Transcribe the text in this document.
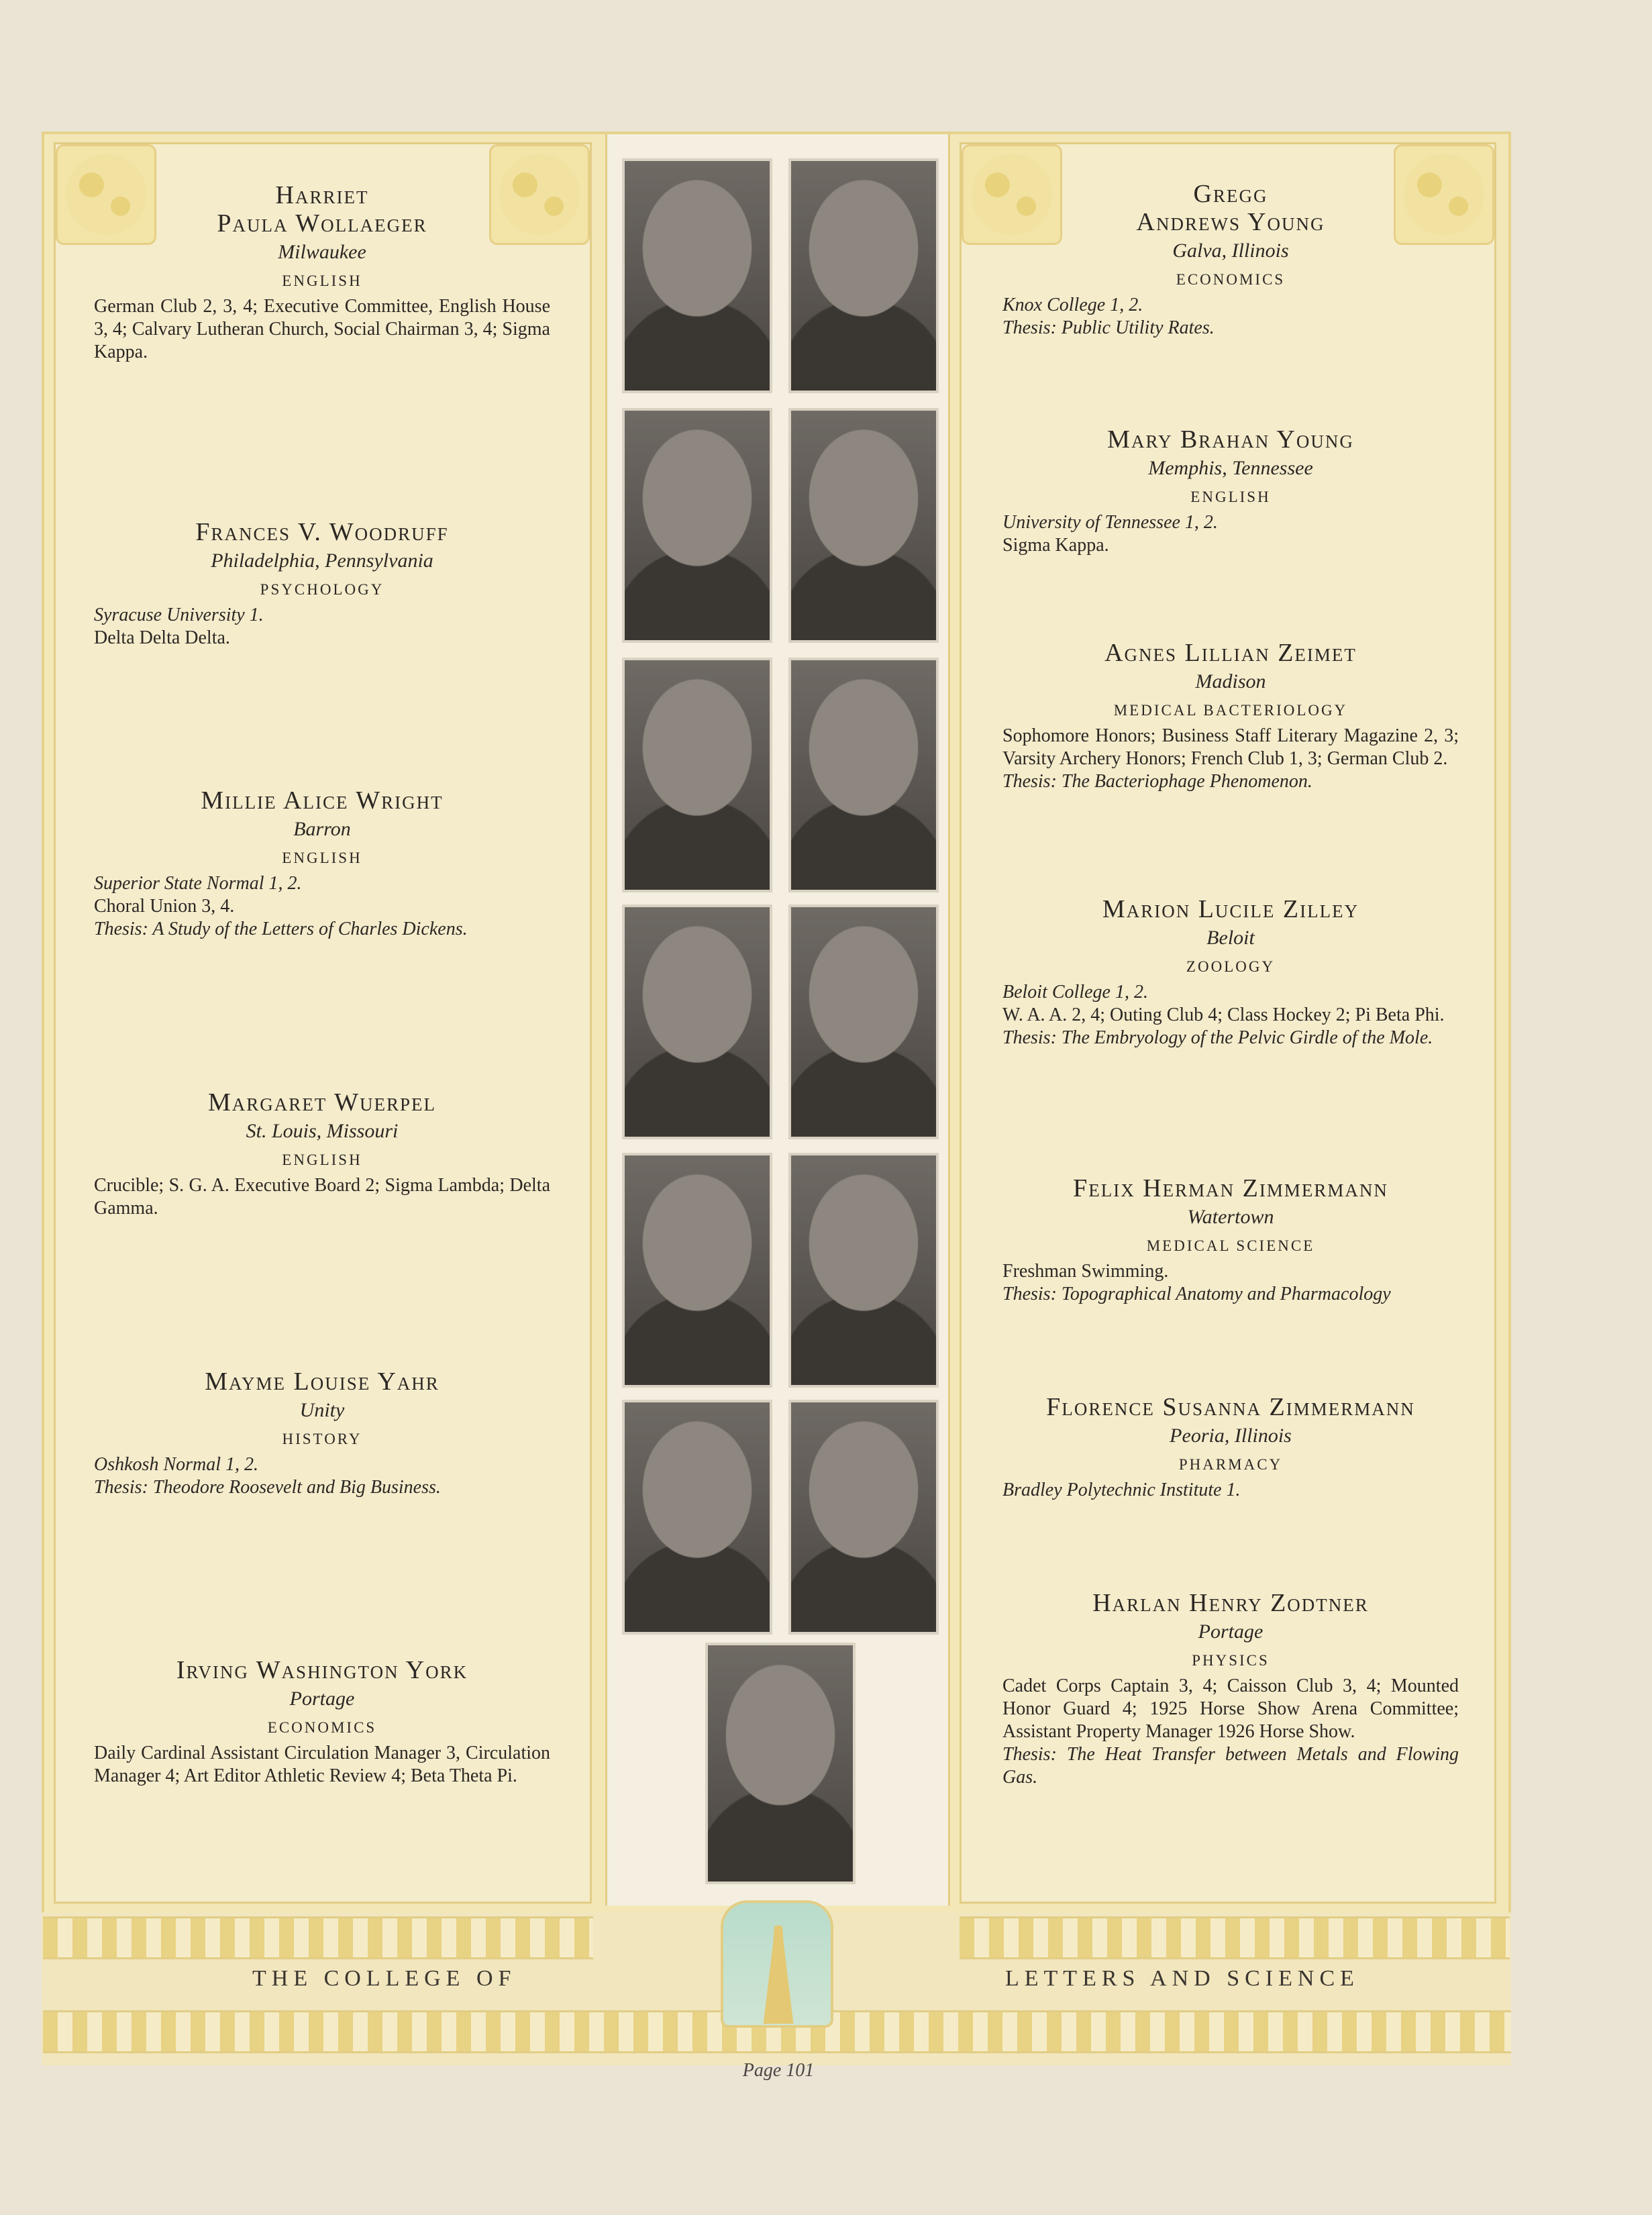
Harriet
Paula Wollaeger
Milwaukee
ENGLISH
German Club 2, 3, 4; Executive Committee, English House 3, 4; Calvary Lutheran Church, Social Chairman 3, 4; Sigma Kappa.
Frances V. Woodruff
Philadelphia, Pennsylvania
PSYCHOLOGY
Syracuse University 1.
Delta Delta Delta.
Millie Alice Wright
Barron
ENGLISH
Superior State Normal 1, 2.
Choral Union 3, 4.
Thesis: A Study of the Letters of Charles Dickens.
Margaret Wuerpel
St. Louis, Missouri
ENGLISH
Crucible; S. G. A. Executive Board 2; Sigma Lambda; Delta Gamma.
Mayme Louise Yahr
Unity
HISTORY
Oshkosh Normal 1, 2.
Thesis: Theodore Roosevelt and Big Business.
Irving Washington York
Portage
ECONOMICS
Daily Cardinal Assistant Circulation Manager 3, Circulation Manager 4; Art Editor Athletic Review 4; Beta Theta Pi.
Gregg
Andrews Young
Galva, Illinois
ECONOMICS
Knox College 1, 2.
Thesis: Public Utility Rates.
Mary Brahan Young
Memphis, Tennessee
ENGLISH
University of Tennessee 1, 2.
Sigma Kappa.
Agnes Lillian Zeimet
Madison
MEDICAL BACTERIOLOGY
Sophomore Honors; Business Staff Literary Magazine 2, 3; Varsity Archery Honors; French Club 1, 3; German Club 2.
Thesis: The Bacteriophage Phenomenon.
Marion Lucile Zilley
Beloit
ZOOLOGY
Beloit College 1, 2.
W. A. A. 2, 4; Outing Club 4; Class Hockey 2; Pi Beta Phi.
Thesis: The Embryology of the Pelvic Girdle of the Mole.
Felix Herman Zimmermann
Watertown
MEDICAL SCIENCE
Freshman Swimming.
Thesis: Topographical Anatomy and Pharmacology
Florence Susanna Zimmermann
Peoria, Illinois
PHARMACY
Bradley Polytechnic Institute 1.
Harlan Henry Zodtner
Portage
PHYSICS
Cadet Corps Captain 3, 4; Caisson Club 3, 4; Mounted Honor Guard 4; 1925 Horse Show Arena Committee; Assistant Property Manager 1926 Horse Show.
Thesis: The Heat Transfer between Metals and Flowing Gas.
THE COLLEGE OF	LETTERS AND SCIENCE
Page 101
